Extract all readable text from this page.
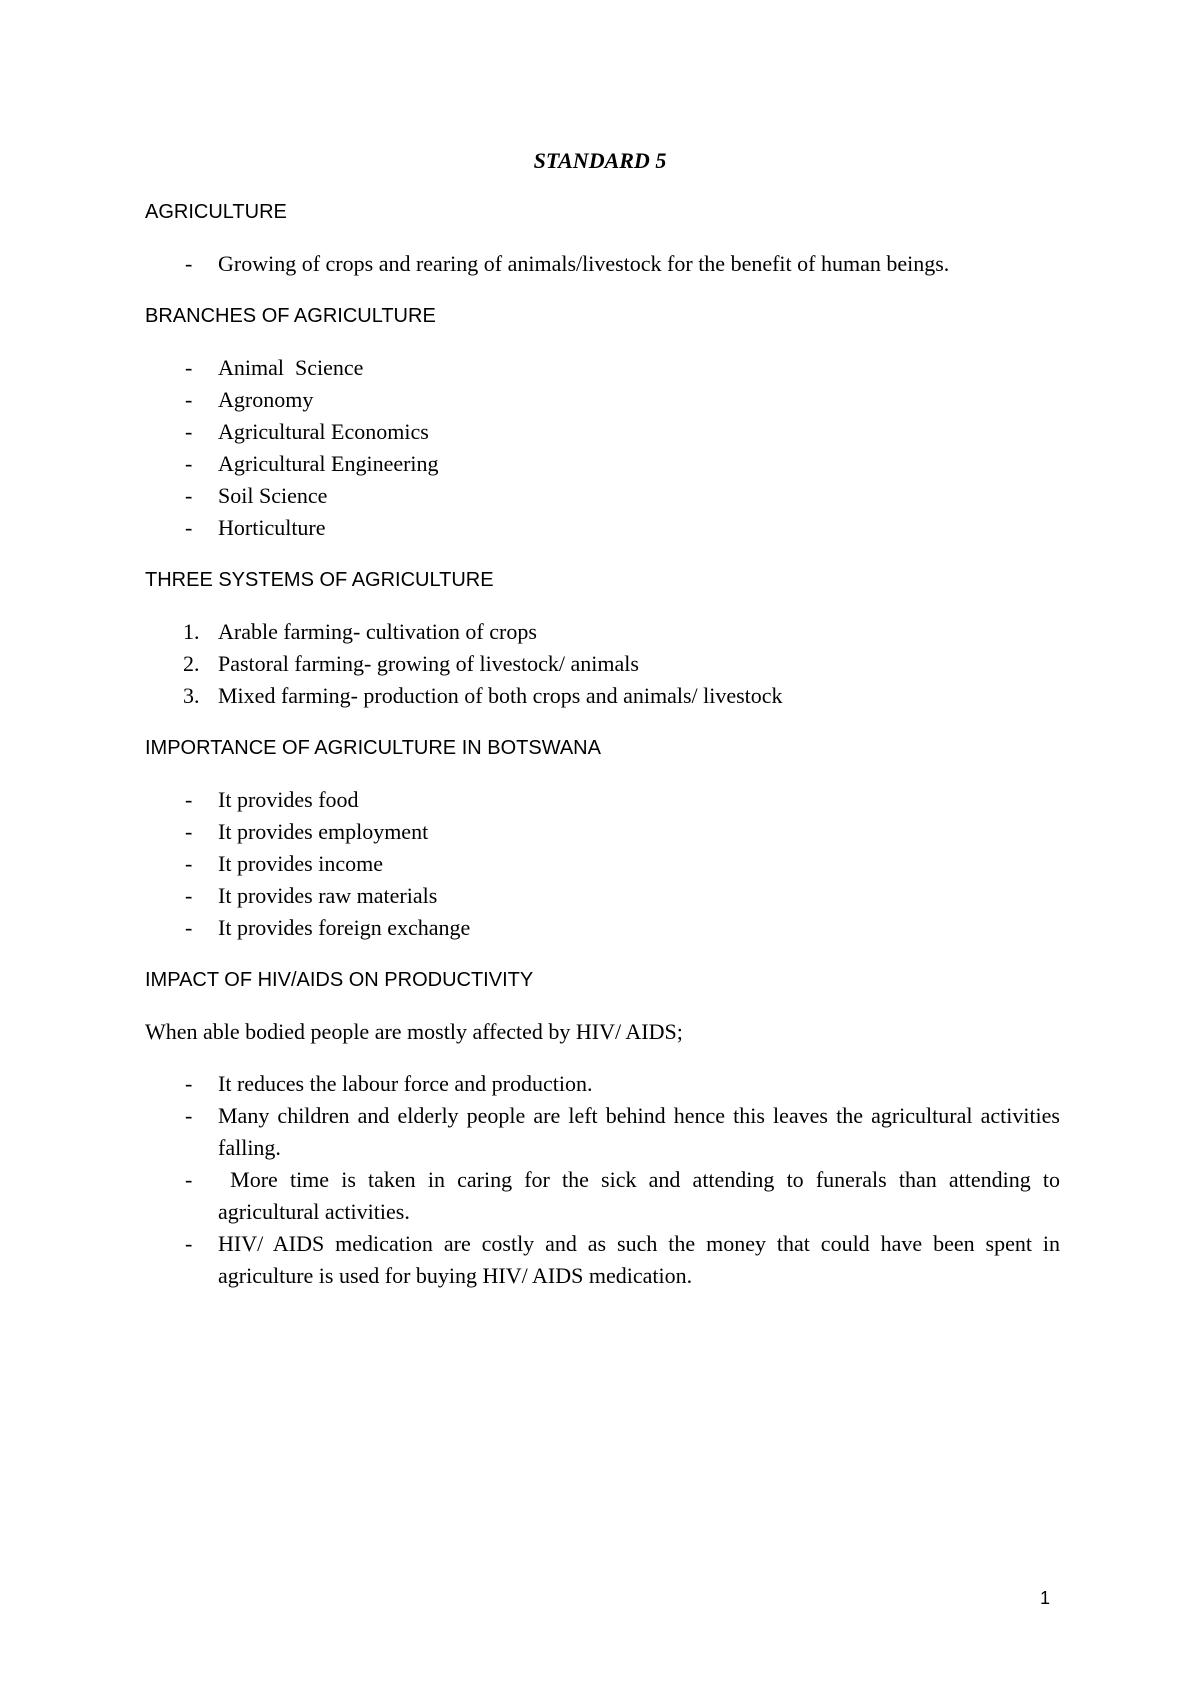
STANDARD 5
AGRICULTURE
- Growing of crops and rearing of animals/livestock for the benefit of human beings.
BRANCHES OF AGRICULTURE
- Animal  Science
- Agronomy
- Agricultural Economics
- Agricultural Engineering
- Soil Science
- Horticulture
THREE SYSTEMS OF AGRICULTURE
1. Arable farming- cultivation of crops
2. Pastoral farming- growing of livestock/ animals
3. Mixed farming- production of both crops and animals/ livestock
IMPORTANCE OF AGRICULTURE IN BOTSWANA
- It provides food
- It provides employment
- It provides income
- It provides raw materials
- It provides foreign exchange
IMPACT OF HIV/AIDS ON PRODUCTIVITY
When able bodied people are mostly affected by HIV/ AIDS;
- It reduces the labour force and production.
- Many children and elderly people are left behind hence this leaves the agricultural activities falling.
- More time is taken in caring for the sick and attending to funerals than attending to agricultural activities.
- HIV/ AIDS medication are costly and as such the money that could have been spent in agriculture is used for buying HIV/ AIDS medication.
1
